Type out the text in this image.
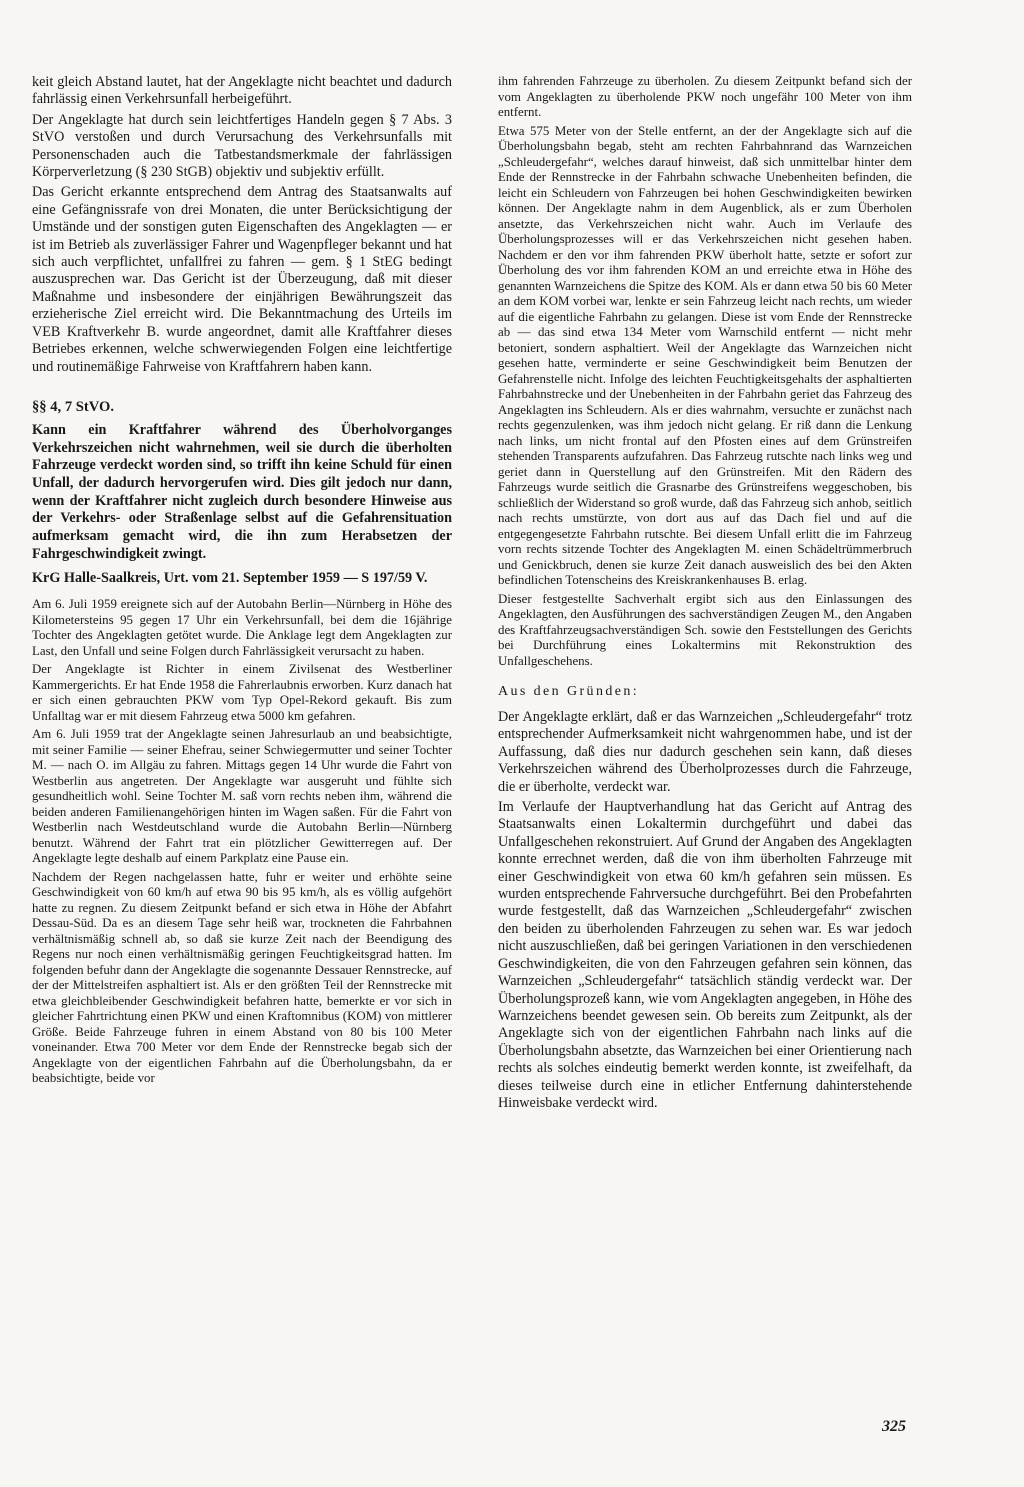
keit gleich Abstand lautet, hat der Angeklagte nicht beachtet und dadurch fahrlässig einen Verkehrsunfall herbeigeführt.

Der Angeklagte hat durch sein leichtfertiges Handeln gegen § 7 Abs. 3 StVO verstoßen und durch Verursachung des Verkehrsunfalls mit Personenschaden auch die Tatbestandsmerkmale der fahrlässigen Körperverletzung (§ 230 StGB) objektiv und subjektiv erfüllt.

Das Gericht erkannte entsprechend dem Antrag des Staatsanwalts auf eine Gefängnissrafe von drei Monaten, die unter Berücksichtigung der Umstände und der sonstigen guten Eigenschaften des Angeklagten — er ist im Betrieb als zuverlässiger Fahrer und Wagenpfleger bekannt und hat sich auch verpflichtet, unfallfrei zu fahren — gem. § 1 StEG bedingt auszusprechen war. Das Gericht ist der Überzeugung, daß mit dieser Maßnahme und insbesondere der einjährigen Bewährungszeit das erzieherische Ziel erreicht wird. Die Bekanntmachung des Urteils im VEB Kraftverkehr B. wurde angeordnet, damit alle Kraftfahrer dieses Betriebes erkennen, welche schwerwiegenden Folgen eine leichtfertige und routinemäßige Fahrweise von Kraftfahrern haben kann.

§§ 4, 7 StVO.
Kann ein Kraftfahrer während des Überholvorganges Verkehrszeichen nicht wahrnehmen, weil sie durch die überholten Fahrzeuge verdeckt worden sind, so trifft ihn keine Schuld für einen Unfall, der dadurch hervorgerufen wird. Dies gilt jedoch nur dann, wenn der Kraftfahrer nicht zugleich durch besondere Hinweise aus der Verkehrs- oder Straßenlage selbst auf die Gefahrensituation aufmerksam gemacht wird, die ihn zum Herabsetzen der Fahrgeschwindigkeit zwingt.
KrG Halle-Saalkreis, Urt. vom 21. September 1959 — S 197/59 V.

Am 6. Juli 1959 ereignete sich auf der Autobahn Berlin—Nürnberg in Höhe des Kilometersteins 95 gegen 17 Uhr ein Verkehrsunfall, bei dem die 16jährige Tochter des Angeklagten getötet wurde. Die Anklage legt dem Angeklagten zur Last, den Unfall und seine Folgen durch Fahrlässigkeit verursacht zu haben.

Der Angeklagte ist Richter in einem Zivilsenat des Westberliner Kammergerichts. Er hat Ende 1958 die Fahrerlaubnis erworben. Kurz danach hat er sich einen gebrauchten PKW vom Typ Opel-Rekord gekauft. Bis zum Unfalltag war er mit diesem Fahrzeug etwa 5000 km gefahren.

Am 6. Juli 1959 trat der Angeklagte seinen Jahresurlaub an und beabsichtigte, mit seiner Familie — seiner Ehefrau, seiner Schwiegermutter und seiner Tochter M. — nach O. im Allgäu zu fahren. Mittags gegen 14 Uhr wurde die Fahrt von Westberlin aus angetreten. Der Angeklagte war ausgeruht und fühlte sich gesundheitlich wohl. Seine Tochter M. saß vorn rechts neben ihm, während die beiden anderen Familienangehörigen hinten im Wagen saßen. Für die Fahrt von Westberlin nach Westdeutschland wurde die Autobahn Berlin—Nürnberg benutzt. Während der Fahrt trat ein plötzlicher Gewitterregen auf. Der Angeklagte legte deshalb auf einem Parkplatz eine Pause ein.

Nachdem der Regen nachgelassen hatte, fuhr er weiter und erhöhte seine Geschwindigkeit von 60 km/h auf etwa 90 bis 95 km/h, als es völlig aufgehört hatte zu regnen. Zu diesem Zeitpunkt befand er sich etwa in Höhe der Abfahrt Dessau-Süd. Da es an diesem Tage sehr heiß war, trockneten die Fahrbahnen verhältnismäßig schnell ab, so daß sie kurze Zeit nach der Beendigung des Regens nur noch einen verhältnismäßig geringen Feuchtigkeitsgrad hatten. Im folgenden befuhr dann der Angeklagte die sogenannte Dessauer Rennstrecke, auf der der Mittelstreifen asphaltiert ist. Als er den größten Teil der Rennstrecke mit etwa gleichbleibender Geschwindigkeit befahren hatte, bemerkte er vor sich in gleicher Fahrtrichtung einen PKW und einen Kraftomnibus (KOM) von mittlerer Größe. Beide Fahrzeuge fuhren in einem Abstand von 80 bis 100 Meter voneinander. Etwa 700 Meter vor dem Ende der Rennstrecke begab sich der Angeklagte von der eigentlichen Fahrbahn auf die Überholungsbahn, da er beabsichtigte, beide vor

ihm fahrenden Fahrzeuge zu überholen. Zu diesem Zeitpunkt befand sich der vom Angeklagten zu überholende PKW noch ungefähr 100 Meter von ihm entfernt.

Etwa 575 Meter von der Stelle entfernt, an der der Angeklagte sich auf die Überholungsbahn begab, steht am rechten Fahrbahnrand das Warnzeichen „Schleudergefahr“, welches darauf hinweist, daß sich unmittelbar hinter dem Ende der Rennstrecke in der Fahrbahn schwache Unebenheiten befinden, die leicht ein Schleudern von Fahrzeugen bei hohen Geschwindigkeiten bewirken können. Der Angeklagte nahm in dem Augenblick, als er zum Überholen ansetzte, das Verkehrszeichen nicht wahr. Auch im Verlaufe des Überholungsprozesses will er das Verkehrszeichen nicht gesehen haben. Nachdem er den vor ihm fahrenden PKW überholt hatte, setzte er sofort zur Überholung des vor ihm fahrenden KOM an und erreichte etwa in Höhe des genannten Warnzeichens die Spitze des KOM. Als er dann etwa 50 bis 60 Meter an dem KOM vorbei war, lenkte er sein Fahrzeug leicht nach rechts, um wieder auf die eigentliche Fahrbahn zu gelangen. Diese ist vom Ende der Rennstrecke ab — das sind etwa 134 Meter vom Warnschild entfernt — nicht mehr betoniert, sondern asphaltiert. Weil der Angeklagte das Warnzeichen nicht gesehen hatte, verminderte er seine Geschwindigkeit beim Benutzen der Gefahrenstelle nicht. Infolge des leichten Feuchtigkeitsgehalts der asphaltierten Fahrbahnstrecke und der Unebenheiten in der Fahrbahn geriet das Fahrzeug des Angeklagten ins Schleudern. Als er dies wahrnahm, versuchte er zunächst nach rechts gegenzulenken, was ihm jedoch nicht gelang. Er riß dann die Lenkung nach links, um nicht frontal auf den Pfosten eines auf dem Grünstreifen stehenden Transparents aufzufahren. Das Fahrzeug rutschte nach links weg und geriet dann in Querstellung auf den Grünstreifen. Mit den Rädern des Fahrzeugs wurde seitlich die Grasnarbe des Grünstreifens weggeschoben, bis schließlich der Widerstand so groß wurde, daß das Fahrzeug sich anhob, seitlich nach rechts umstürzte, von dort aus auf das Dach fiel und auf die entgegengesetzte Fahrbahn rutschte. Bei diesem Unfall erlitt die im Fahrzeug vorn rechts sitzende Tochter des Angeklagten M. einen Schädeltrümmerbruch und Genickbruch, denen sie kurze Zeit danach ausweislich des bei den Akten befindlichen Totenscheins des Kreiskrankenhauses B. erlag.

Dieser festgestellte Sachverhalt ergibt sich aus den Einlassungen des Angeklagten, den Ausführungen des sachverständigen Zeugen M., den Angaben des Kraftfahrzeugsachverständigen Sch. sowie den Feststellungen des Gerichts bei Durchführung eines Lokaltermins mit Rekonstruktion des Unfallgeschehens.

Aus den Gründen:

Der Angeklagte erklärt, daß er das Warnzeichen „Schleudergefahr“ trotz entsprechender Aufmerksamkeit nicht wahrgenommen habe, und ist der Auffassung, daß dies nur dadurch geschehen sein kann, daß dieses Verkehrszeichen während des Überholprozesses durch die Fahrzeuge, die er überholte, verdeckt war.

Im Verlaufe der Hauptverhandlung hat das Gericht auf Antrag des Staatsanwalts einen Lokaltermin durchgeführt und dabei das Unfallgeschehen rekonstruiert. Auf Grund der Angaben des Angeklagten konnte errechnet werden, daß die von ihm überholten Fahrzeuge mit einer Geschwindigkeit von etwa 60 km/h gefahren sein müssen. Es wurden entsprechende Fahrversuche durchgeführt. Bei den Probefahrten wurde festgestellt, daß das Warnzeichen „Schleudergefahr“ zwischen den beiden zu überholenden Fahrzeugen zu sehen war. Es war jedoch nicht auszuschließen, daß bei geringen Variationen in den verschiedenen Geschwindigkeiten, die von den Fahrzeugen gefahren sein können, das Warnzeichen „Schleudergefahr“ tatsächlich ständig verdeckt war. Der Überholungsprozeß kann, wie vom Angeklagten angegeben, in Höhe des Warnzeichens beendet gewesen sein. Ob bereits zum Zeitpunkt, als der Angeklagte sich von der eigentlichen Fahrbahn nach links auf die Überholungsbahn absetzte, das Warnzeichen bei einer Orientierung nach rechts als solches eindeutig bemerkt werden konnte, ist zweifelhaft, da dieses teilweise durch eine in etlicher Entfernung dahinterstehende Hinweisbake verdeckt wird.

325
